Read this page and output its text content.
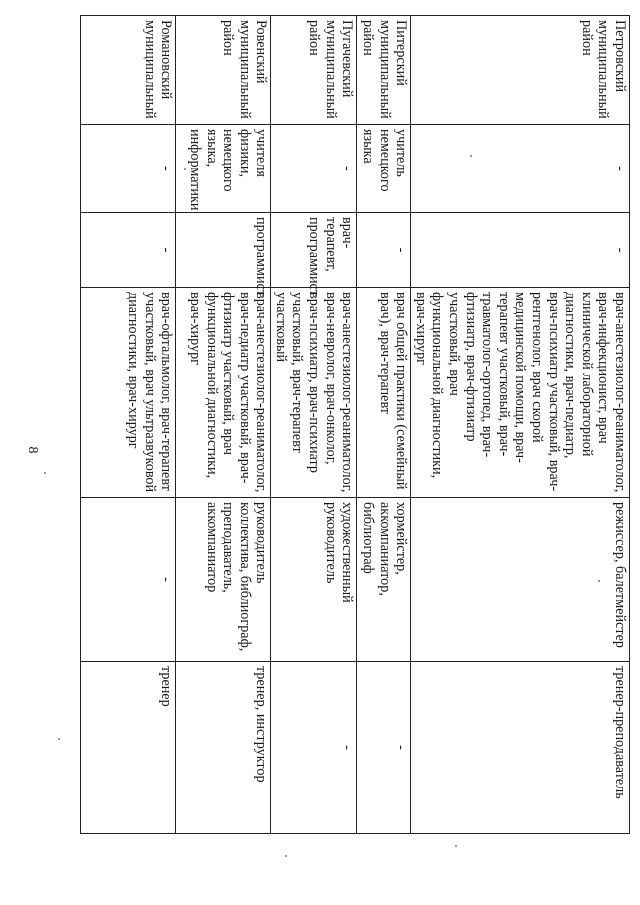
8
Петровский муниципальный район	-	-	врач-анестезиолог-реаниматолог, врач-инфекционист, врач клинической лабораторной диагностики, врач-педиатр, врач-психиатр участковый, врач-рентгенолог, врач скорой медицинской помощи, врач-терапевт участковый, врач-травматолог-ортопед, врач-фтизиатр, врач-фтизиатр участковый, врач функциональной диагностики, врач-хирург	режиссер, балетмейстер	тренер-преподаватель
Питерский муниципальный район	учитель немецкого языка	-	врач общей практики (семейный врач), врач-терапевт	хормейстер, аккомпаниатор, библиограф	-
Пугачевский муниципальный район	-	врач-терапевт, программист	врач-анестезиолог-реаниматолог, врач-невролог, врач-онколог, врач-психиатр, врач-психиатр участковый, врач-терапевт участковый	художественный руководитель	-
Ровенский муниципальный район	учителя физики, немецкого языка, информатики	программист	врач-анестезиолог-реаниматолог, врач-педиатр участковый, врач-фтизиатр участковый, врач функциональной диагностики, врач-хирург	руководитель коллектива, библиограф, преподаватель, аккомпаниатор	тренер, инструктор
Романовский муниципальный	-	-	врач-офтальмолог, врач-терапевт участковый, врач ультразвуковой диагностики, врач-хирург	-	тренер
